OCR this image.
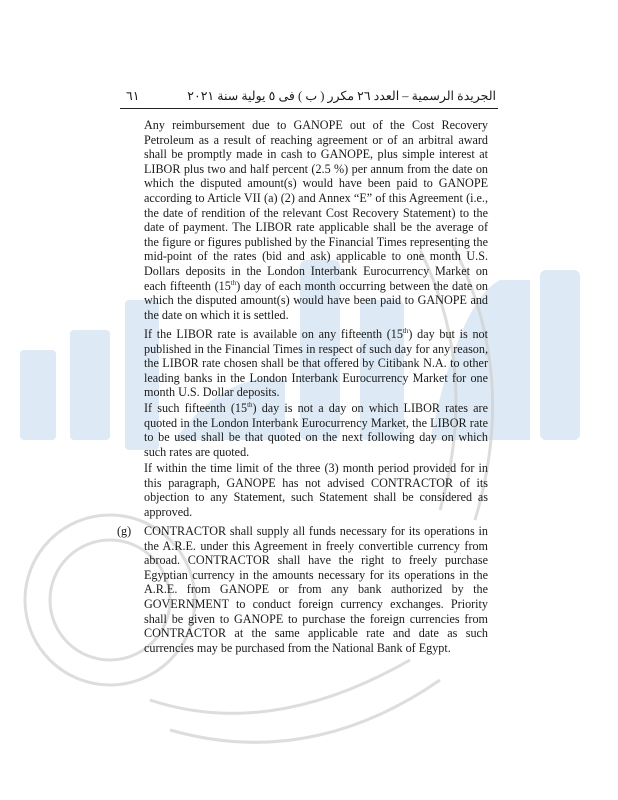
٦١	الجريدة الرسمية – العدد ٢٦ مكرر ( ب ) فى ٥ يولية سنة ٢٠٢١

Any reimbursement due to GANOPE out of the Cost Recovery Petroleum as a result of reaching agreement or of an arbitral award shall be promptly made in cash to GANOPE, plus simple interest at LIBOR plus two and half percent (2.5 %) per annum from the date on which the disputed amount(s) would have been paid to GANOPE according to Article VII (a) (2) and Annex “E” of this Agreement (i.e., the date of rendition of the relevant Cost Recovery Statement) to the date of payment. The LIBOR rate applicable shall be the average of the figure or figures published by the Financial Times representing the mid-point of the rates (bid and ask) applicable to one month U.S. Dollars deposits in the London Interbank Eurocurrency Market on each fifteenth (15th) day of each month occurring between the date on which the disputed amount(s) would have been paid to GANOPE and the date on which it is settled.

If the LIBOR rate is available on any fifteenth (15th) day but is not published in the Financial Times in respect of such day for any reason, the LIBOR rate chosen shall be that offered by Citibank N.A. to other leading banks in the London Interbank Eurocurrency Market for one month U.S. Dollar deposits.

If such fifteenth (15th) day is not a day on which LIBOR rates are quoted in the London Interbank Eurocurrency Market, the LIBOR rate to be used shall be that quoted on the next following day on which such rates are quoted.

If within the time limit of the three (3) month period provided for in this paragraph, GANOPE has not advised CONTRACTOR of its objection to any Statement, such Statement shall be considered as approved.

(g) CONTRACTOR shall supply all funds necessary for its operations in the A.R.E. under this Agreement in freely convertible currency from abroad. CONTRACTOR shall have the right to freely purchase Egyptian currency in the amounts necessary for its operations in the A.R.E. from GANOPE or from any bank authorized by the GOVERNMENT to conduct foreign currency exchanges. Priority shall be given to GANOPE to purchase the foreign currencies from CONTRACTOR at the same applicable rate and date as such currencies may be purchased from the National Bank of Egypt.
